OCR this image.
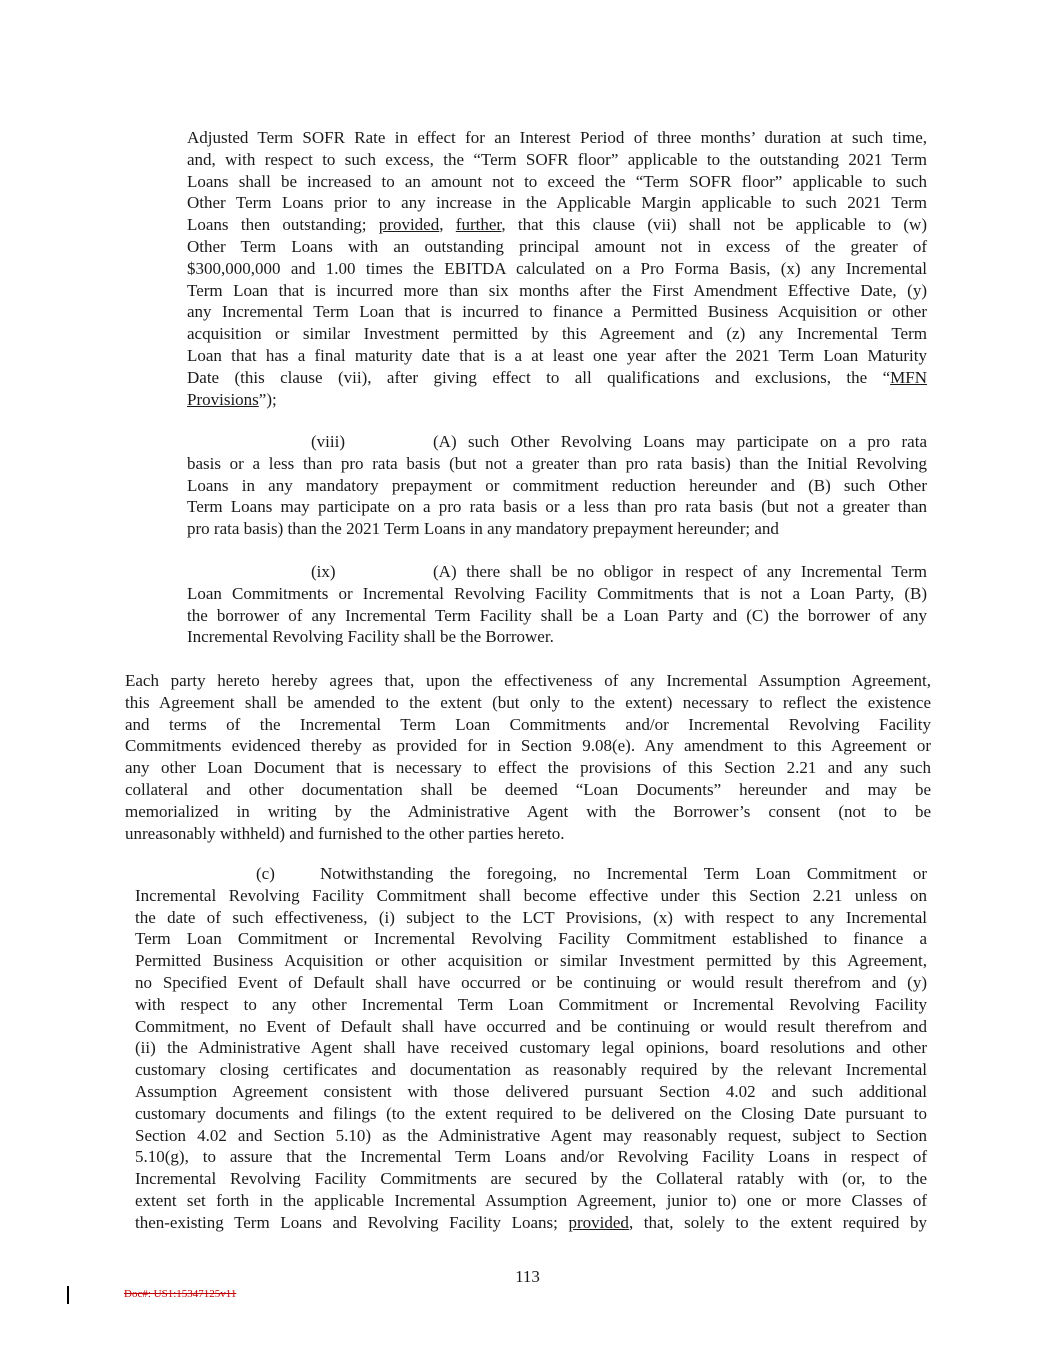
Adjusted Term SOFR Rate in effect for an Interest Period of three months’ duration at such time,
and, with respect to such excess, the “Term SOFR floor” applicable to the outstanding 2021 Term
Loans shall be increased to an amount not to exceed the “Term SOFR floor” applicable to such
Other Term Loans prior to any increase in the Applicable Margin applicable to such 2021 Term
Loans then outstanding; provided, further, that this clause (vii) shall not be applicable to (w)
Other Term Loans with an outstanding principal amount not in excess of the greater of
$300,000,000 and 1.00 times the EBITDA calculated on a Pro Forma Basis, (x) any Incremental
Term Loan that is incurred more than six months after the First Amendment Effective Date, (y)
any Incremental Term Loan that is incurred to finance a Permitted Business Acquisition or other
acquisition or similar Investment permitted by this Agreement and (z) any Incremental Term
Loan that has a final maturity date that is a at least one year after the 2021 Term Loan Maturity
Date (this clause (vii), after giving effect to all qualifications and exclusions, the “MFN
Provisions”);
(viii)	(A) such Other Revolving Loans may participate on a pro rata
basis or a less than pro rata basis (but not a greater than pro rata basis) than the Initial Revolving
Loans in any mandatory prepayment or commitment reduction hereunder and (B) such Other
Term Loans may participate on a pro rata basis or a less than pro rata basis (but not a greater than
pro rata basis) than the 2021 Term Loans in any mandatory prepayment hereunder; and
(ix)	(A) there shall be no obligor in respect of any Incremental Term
Loan Commitments or Incremental Revolving Facility Commitments that is not a Loan Party, (B)
the borrower of any Incremental Term Facility shall be a Loan Party and (C) the borrower of any
Incremental Revolving Facility shall be the Borrower.
Each party hereto hereby agrees that, upon the effectiveness of any Incremental Assumption Agreement,
this Agreement shall be amended to the extent (but only to the extent) necessary to reflect the existence
and terms of the Incremental Term Loan Commitments and/or Incremental Revolving Facility
Commitments evidenced thereby as provided for in Section 9.08(e). Any amendment to this Agreement or
any other Loan Document that is necessary to effect the provisions of this Section 2.21 and any such
collateral and other documentation shall be deemed “Loan Documents” hereunder and may be
memorialized in writing by the Administrative Agent with the Borrower’s consent (not to be
unreasonably withheld) and furnished to the other parties hereto.
(c)	Notwithstanding the foregoing, no Incremental Term Loan Commitment or
Incremental Revolving Facility Commitment shall become effective under this Section 2.21 unless on
the date of such effectiveness, (i) subject to the LCT Provisions, (x) with respect to any Incremental
Term Loan Commitment or Incremental Revolving Facility Commitment established to finance a
Permitted Business Acquisition or other acquisition or similar Investment permitted by this Agreement,
no Specified Event of Default shall have occurred or be continuing or would result therefrom and (y)
with respect to any other Incremental Term Loan Commitment or Incremental Revolving Facility
Commitment, no Event of Default shall have occurred and be continuing or would result therefrom and
(ii) the Administrative Agent shall have received customary legal opinions, board resolutions and other
customary closing certificates and documentation as reasonably required by the relevant Incremental
Assumption Agreement consistent with those delivered pursuant Section 4.02 and such additional
customary documents and filings (to the extent required to be delivered on the Closing Date pursuant to
Section 4.02 and Section 5.10) as the Administrative Agent may reasonably request, subject to Section
5.10(g), to assure that the Incremental Term Loans and/or Revolving Facility Loans in respect of
Incremental Revolving Facility Commitments are secured by the Collateral ratably with (or, to the
extent set forth in the applicable Incremental Assumption Agreement, junior to) one or more Classes of
then-existing Term Loans and Revolving Facility Loans; provided, that, solely to the extent required by
113
Doc#: US1:15347125v11
